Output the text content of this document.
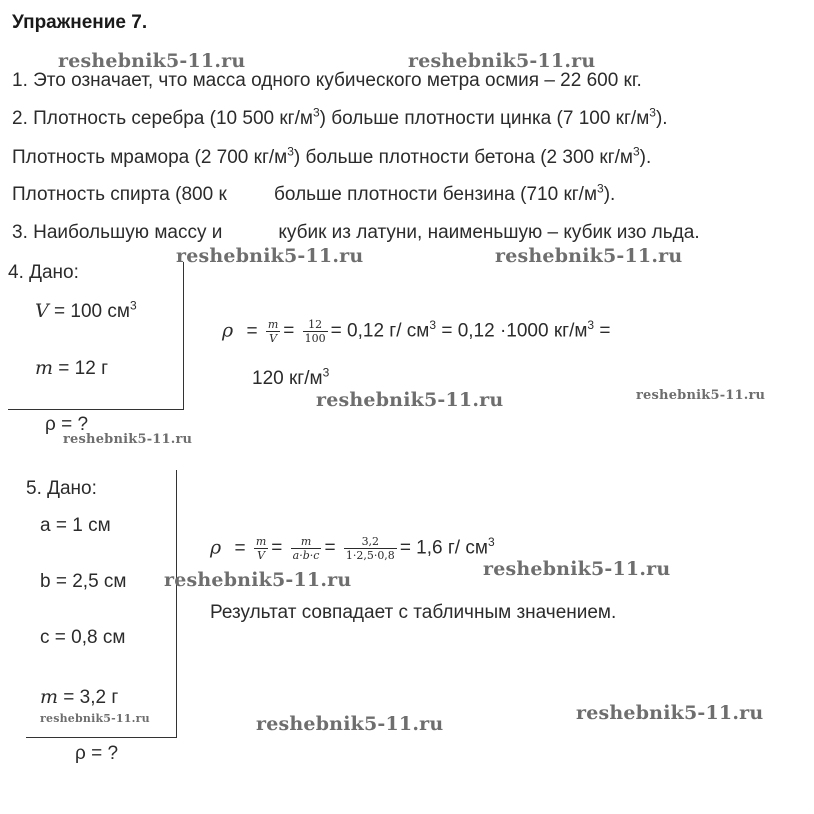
Упражнение 7.
1. Это означает, что масса одного кубического метра осмия – 22 600 кг.
2. Плотность серебра (10 500 $кг/м^3$) больше плотности цинка (7 100 $кг/м^3$).
Плотность мрамора (2 700 $кг/м^3$) больше плотности бетона (2 300 $кг/м^3$).
Плотность спирта (800 к больше плотности бензина (710 $кг/м^3$).
3. Наибольшую массу и	кубик из латуни, наименьшую – кубик изо льда.
4. Дано:
V = 100 $см^3$
m = 12 г
ρ = ?
$\rho = \frac{m}{V} = \frac{12}{100} = 0,12$ г/ $см^3 = 0,12 \cdot 1000$ $кг/м^3$ =
120 $кг/м^3$
5. Дано:
a = 1 см
b = 2,5 см
c = 0,8 см
m = 3,2 г
ρ = ?
$\rho = \frac{m}{V} = \frac{m}{a\cdot b\cdot c} = \frac{3,2}{1\cdot 2,5\cdot 0,8} = 1,6$ г/ $см^3$
Результат совпадает с табличным значением.
reshebnik5-11.ru	reshebnik5-11.ru
reshebnik5-11.ru	reshebnik5-11.ru
reshebnik5-11.ru	reshebnik5-11.ru
reshebnik5-11.ru
reshebnik5-11.ru	reshebnik5-11.ru
reshebnik5-11.ru	reshebnik5-11.ru	reshebnik5-11.ru
